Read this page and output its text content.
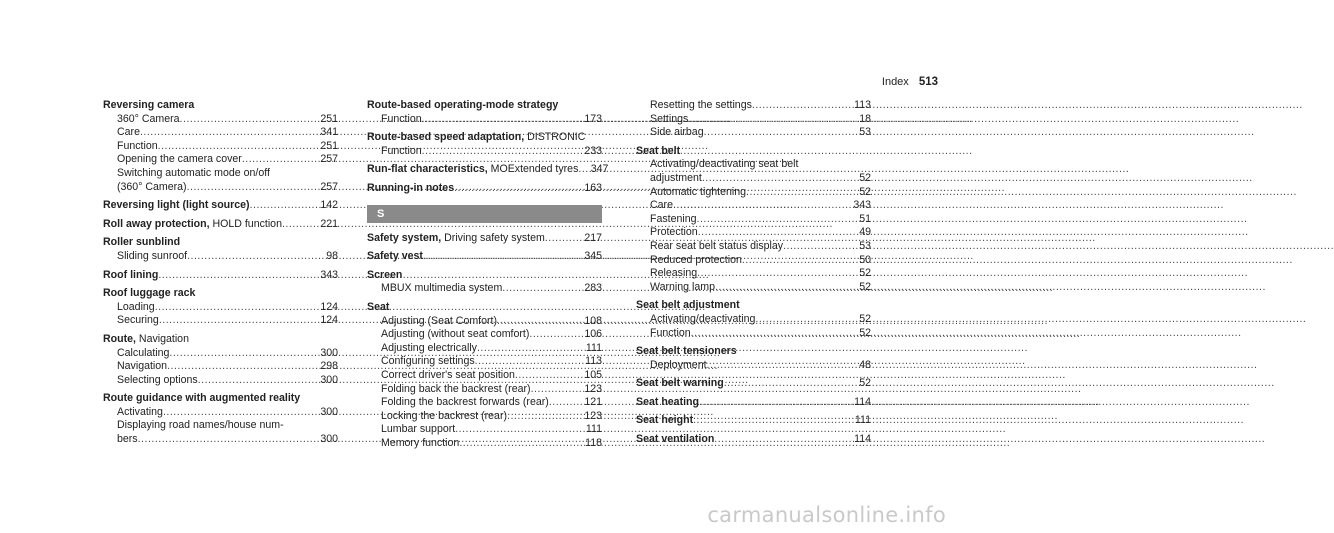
Index 513
Reversing camera
360° Camera .....	251
Care .....	341
Function .....	251
Opening the camera cover .....	257
Switching automatic mode on/off
(360° Camera) .....	257
Reversing light (light source) .....	142
Roll away protection, HOLD function .....	221
Roller sunblind
Sliding sunroof .....	98
Roof lining .....	343
Roof luggage rack
Loading .....	124
Securing .....	124
Route, Navigation
Calculating .....	300
Navigation .....	298
Selecting options .....	300
Route guidance with augmented reality
Activating .....	300
Displaying road names/house num-
bers .....	300
Route-based operating-mode strategy
Function .....	173
Route-based speed adaptation, DISTRONIC
Function .....	233
Run-flat characteristics, MOExtended tyres .....	347
Running-in notes .....	163
S
Safety system, Driving safety system .....	217
Safety vest .....	345
Screen
MBUX multimedia system .....	283
Seat
Adjusting (Seat Comfort) .....	108
Adjusting (without seat comfort) .....	106
Adjusting electrically .....	111
Configuring settings .....	113
Correct driver's seat position .....	105
Folding back the backrest (rear) .....	123
Folding the backrest forwards (rear) .....	121
Locking the backrest (rear) .....	123
Lumbar support .....	111
Memory function .....	118
Resetting the settings .....	113
Settings .....	18
Side airbag .....	53
Seat belt
Activating/deactivating seat belt
adjustment .....	52
Automatic tightening .....	52
Care .....	343
Fastening .....	51
Protection .....	49
Rear seat belt status display .....	53
Reduced protection .....	50
Releasing .....	52
Warning lamp .....	52
Seat belt adjustment
Activating/deactivating .....	52
Function .....	52
Seat belt tensioners
Deployment .....	48
Seat belt warning .....	52
Seat heating .....	114
Seat height .....	111
Seat ventilation .....	114
carmanualsonline.info
